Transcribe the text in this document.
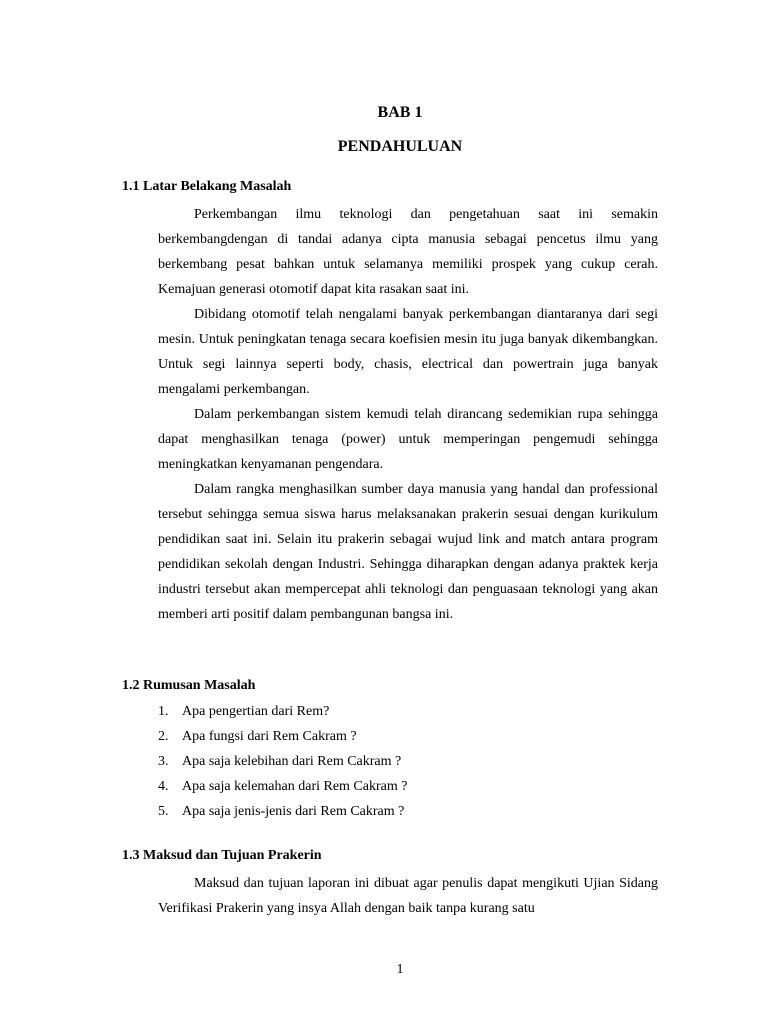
BAB 1
PENDAHULUAN
1.1 Latar Belakang Masalah

Perkembangan ilmu teknologi dan pengetahuan saat ini semakin berkembangdengan di tandai adanya cipta manusia sebagai pencetus ilmu yang berkembang pesat bahkan untuk selamanya memiliki prospek yang cukup cerah. Kemajuan generasi otomotif dapat kita rasakan saat ini.

Dibidang otomotif telah nengalami banyak perkembangan diantaranya dari segi mesin. Untuk peningkatan tenaga secara koefisien mesin itu juga banyak dikembangkan. Untuk segi lainnya seperti body, chasis, electrical dan powertrain juga banyak mengalami perkembangan.

Dalam perkembangan sistem kemudi telah dirancang sedemikian rupa sehingga dapat menghasilkan tenaga (power) untuk memperingan pengemudi sehingga meningkatkan kenyamanan pengendara.

Dalam rangka menghasilkan sumber daya manusia yang handal dan professional tersebut sehingga semua siswa harus melaksanakan prakerin sesuai dengan kurikulum pendidikan saat ini. Selain itu prakerin sebagai wujud link and match antara program pendidikan sekolah dengan Industri. Sehingga diharapkan dengan adanya praktek kerja industri tersebut akan mempercepat ahli teknologi dan penguasaan teknologi yang akan memberi arti positif dalam pembangunan bangsa ini.

1.2 Rumusan Masalah
1. Apa pengertian dari Rem?
2. Apa fungsi dari Rem Cakram ?
3. Apa saja kelebihan dari Rem Cakram ?
4. Apa saja kelemahan dari Rem Cakram ?
5. Apa saja jenis-jenis dari Rem Cakram ?
1.3 Maksud dan Tujuan Prakerin

Maksud dan tujuan laporan ini dibuat agar penulis dapat mengikuti Ujian Sidang Verifikasi Prakerin yang insya Allah dengan baik tanpa kurang satu

1
